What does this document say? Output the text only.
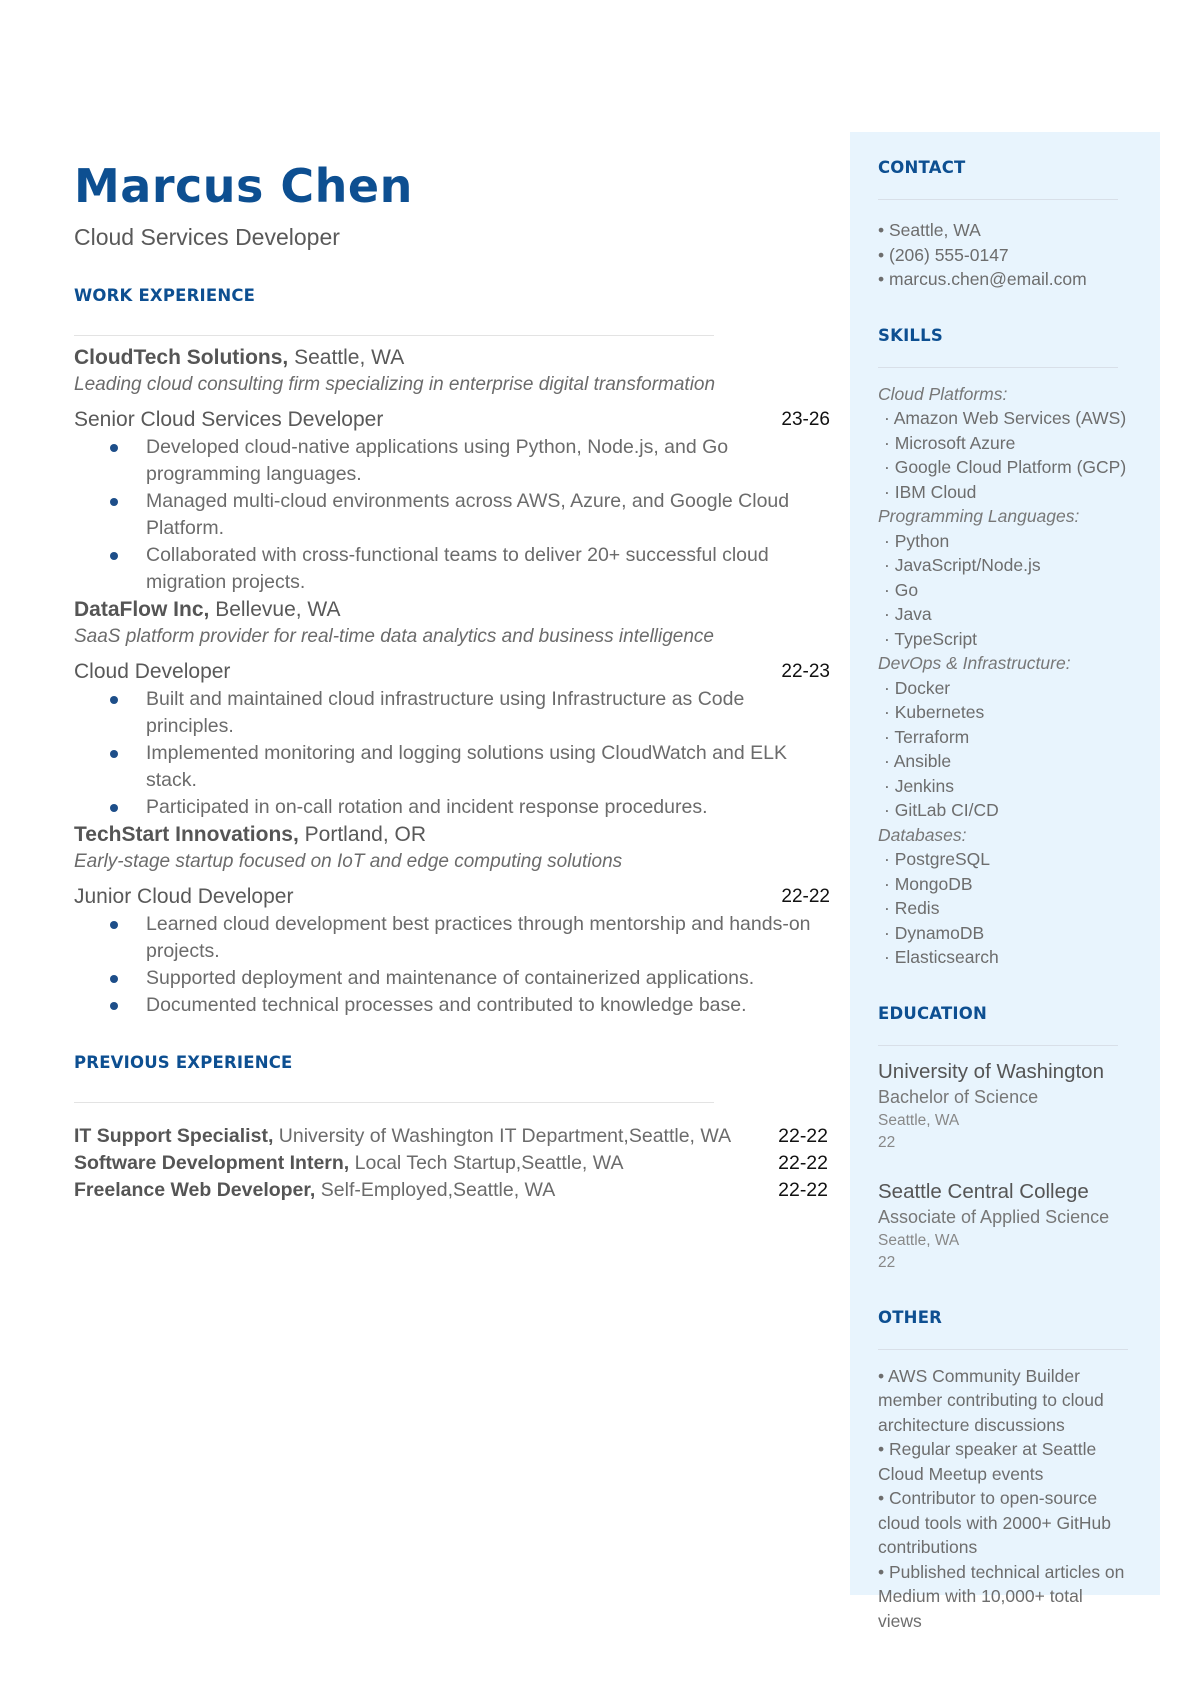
Marcus Chen
Cloud Services Developer
WORK EXPERIENCE
CloudTech Solutions, Seattle, WA
Leading cloud consulting firm specializing in enterprise digital transformation
Senior Cloud Services Developer	23-26
Developed cloud-native applications using Python, Node.js, and Go programming languages.
Managed multi-cloud environments across AWS, Azure, and Google Cloud Platform.
Collaborated with cross-functional teams to deliver 20+ successful cloud migration projects.
DataFlow Inc, Bellevue, WA
SaaS platform provider for real-time data analytics and business intelligence
Cloud Developer	22-23
Built and maintained cloud infrastructure using Infrastructure as Code principles.
Implemented monitoring and logging solutions using CloudWatch and ELK stack.
Participated in on-call rotation and incident response procedures.
TechStart Innovations, Portland, OR
Early-stage startup focused on IoT and edge computing solutions
Junior Cloud Developer	22-22
Learned cloud development best practices through mentorship and hands-on projects.
Supported deployment and maintenance of containerized applications.
Documented technical processes and contributed to knowledge base.
PREVIOUS EXPERIENCE
IT Support Specialist, University of Washington IT Department,Seattle, WA 22-22
Software Development Intern, Local Tech Startup,Seattle, WA	22-22
Freelance Web Developer, Self-Employed,Seattle, WA	22-22
CONTACT
• Seattle, WA
• (206) 555-0147
• marcus.chen@email.com
SKILLS
Cloud Platforms:
· Amazon Web Services (AWS)
· Microsoft Azure
· Google Cloud Platform (GCP)
· IBM Cloud
Programming Languages:
· Python
· JavaScript/Node.js
· Go
· Java
· TypeScript
DevOps & Infrastructure:
· Docker
· Kubernetes
· Terraform
· Ansible
· Jenkins
· GitLab CI/CD
Databases:
· PostgreSQL
· MongoDB
· Redis
· DynamoDB
· Elasticsearch
EDUCATION
University of Washington
Bachelor of Science
Seattle, WA
22
Seattle Central College
Associate of Applied Science
Seattle, WA
22
OTHER
• AWS Community Builder member contributing to cloud architecture discussions
• Regular speaker at Seattle Cloud Meetup events
• Contributor to open-source cloud tools with 2000+ GitHub contributions
• Published technical articles on Medium with 10,000+ total views
